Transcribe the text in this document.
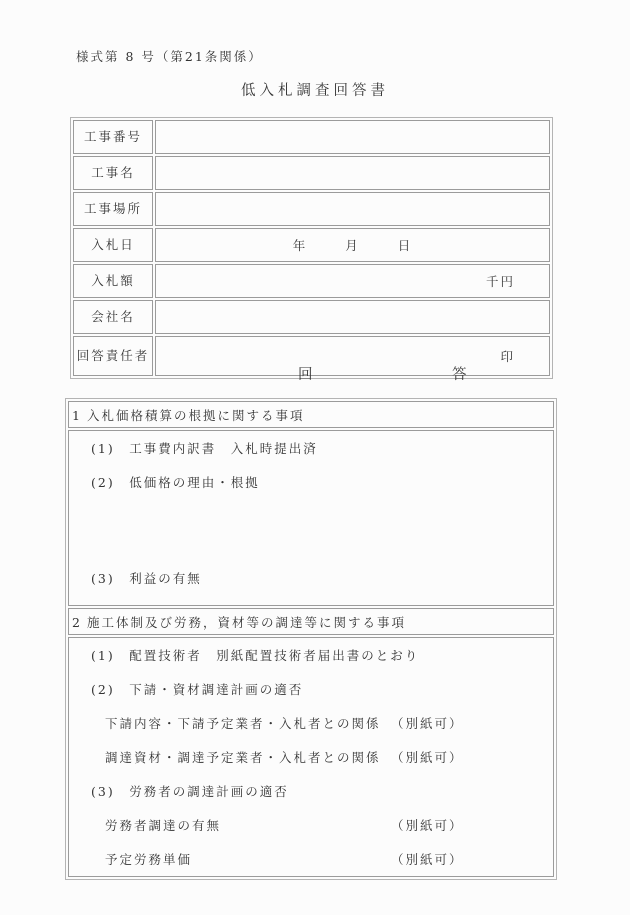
様式第 8 号（第21条関係）
低入札調査回答書
工事番号	
工事名	
工事場所	
入札日	年 月 日

入札額	千円
会社名	
回答責任者	印
回	答
1 入札価格積算の根拠に関する事項

(1)　工事費内訳書　入札時提出済
(2)　低価格の理由・根拠
(3)　利益の有無

2 施工体制及び労務，資材等の調達等に関する事項

(1)　配置技術者　別紙配置技術者届出書のとおり
(2)　下請・資材調達計画の適否
下請内容・下請予定業者・入札者との関係 （別紙可）
調達資材・調達予定業者・入札者との関係 （別紙可）
(3)　労務者の調達計画の適否
労務者調達の有無	（別紙可）
予定労務単価	（別紙可）
